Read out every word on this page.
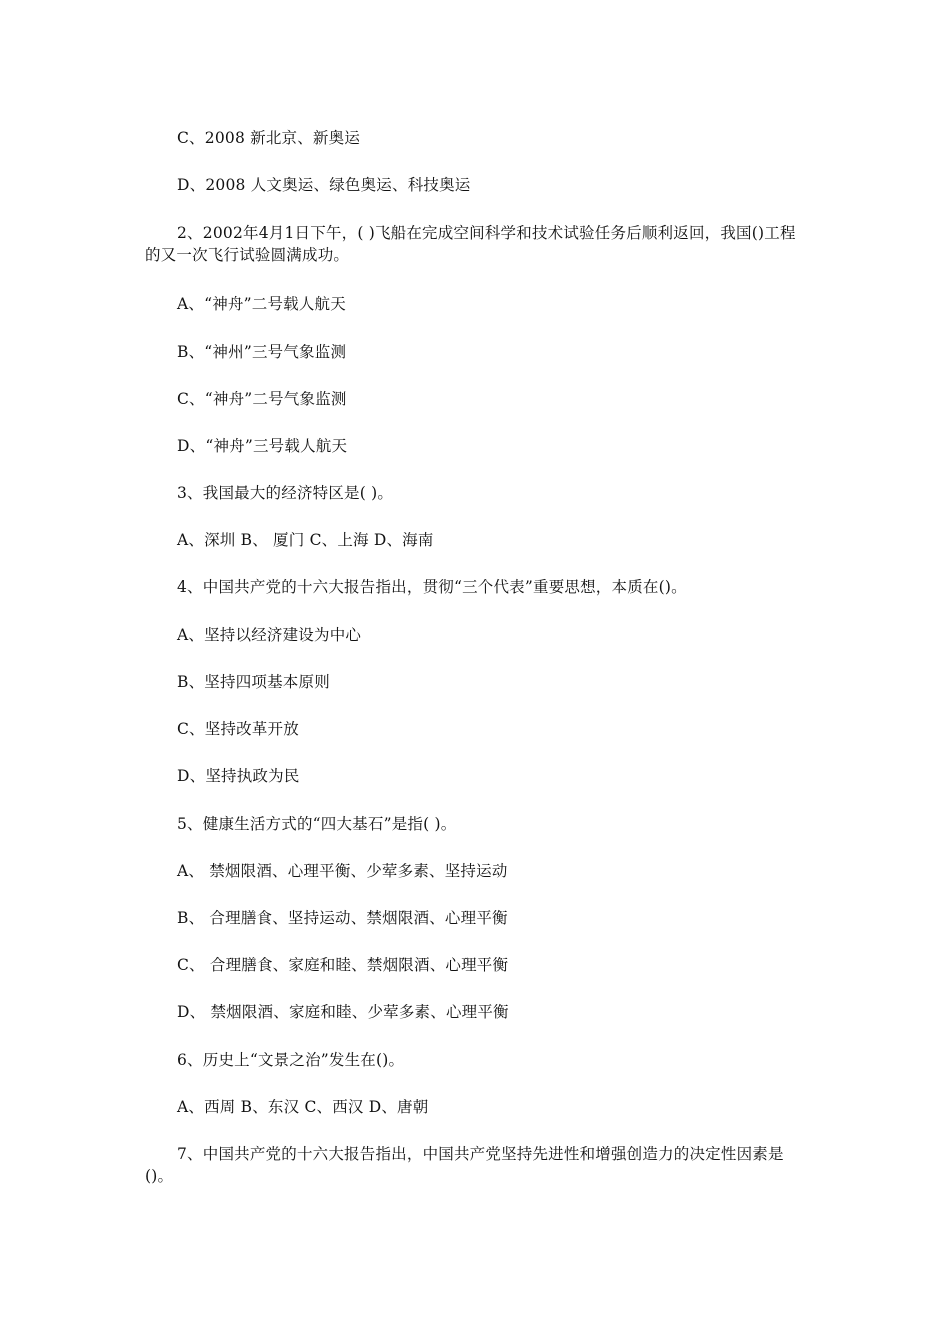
C、2008 新北京、新奥运
D、2008 人文奥运、绿色奥运、科技奥运
2、2002年4月1日下午，( )飞船在完成空间科学和技术试验任务后顺利返回，我国()工程的又一次飞行试验圆满成功。
A、“神舟”二号载人航天
B、“神州”三号气象监测
C、“神舟”二号气象监测
D、“神舟”三号载人航天
3、我国最大的经济特区是( )。
A、深圳 B、 厦门 C、上海 D、海南
4、中国共产党的十六大报告指出，贯彻“三个代表”重要思想，本质在()。
A、坚持以经济建设为中心
B、坚持四项基本原则
C、坚持改革开放
D、坚持执政为民
5、健康生活方式的“四大基石”是指( )。
A、 禁烟限酒、心理平衡、少荤多素、坚持运动
B、 合理膳食、坚持运动、禁烟限酒、心理平衡
C、 合理膳食、家庭和睦、禁烟限酒、心理平衡
D、 禁烟限酒、家庭和睦、少荤多素、心理平衡
6、历史上“文景之治”发生在()。
A、西周 B、东汉 C、西汉 D、唐朝
7、中国共产党的十六大报告指出，中国共产党坚持先进性和增强创造力的决定性因素是()。
